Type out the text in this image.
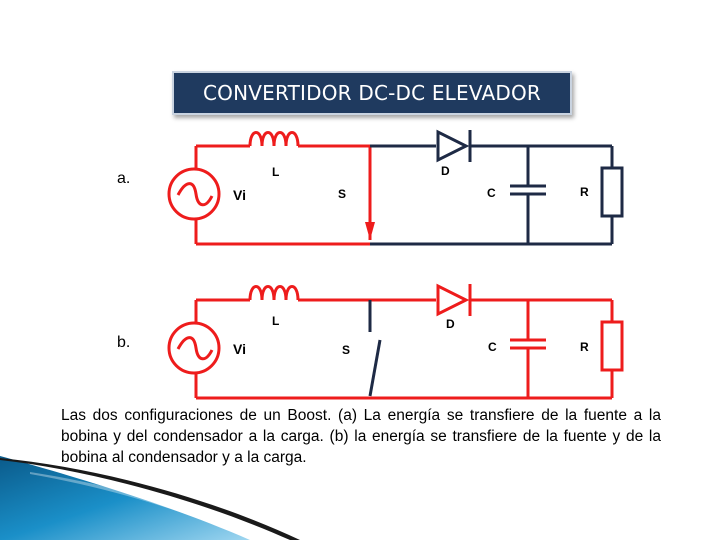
CONVERTIDOR DC-DC ELEVADOR
Vi
L
S
D
C	R
Vi
L
S
D
C	R
a.
b.
Las dos configuraciones de un Boost. (a) La energía se transfiere de la fuente a la bobina y del condensador a la carga. (b) la energía se transfiere de la fuente y de la bobina al condensador y a la carga.
